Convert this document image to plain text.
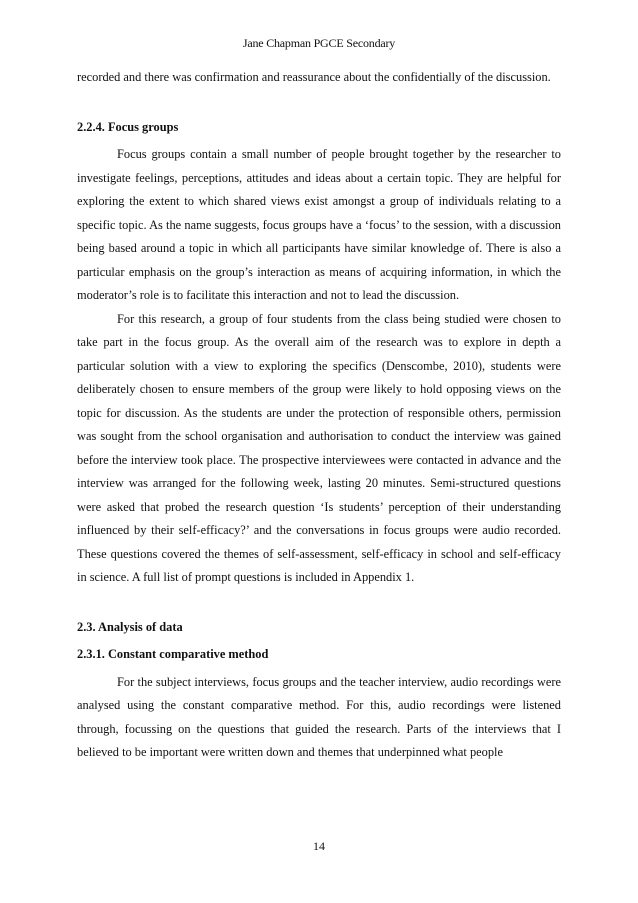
Jane Chapman PGCE Secondary

recorded and there was confirmation and reassurance about the confidentially of the discussion.

2.2.4. Focus groups

Focus groups contain a small number of people brought together by the researcher to investigate feelings, perceptions, attitudes and ideas about a certain topic. They are helpful for exploring the extent to which shared views exist amongst a group of individuals relating to a specific topic. As the name suggests, focus groups have a ‘focus’ to the session, with a discussion being based around a topic in which all participants have similar knowledge of. There is also a particular emphasis on the group’s interaction as means of acquiring information, in which the moderator’s role is to facilitate this interaction and not to lead the discussion.

For this research, a group of four students from the class being studied were chosen to take part in the focus group. As the overall aim of the research was to explore in depth a particular solution with a view to exploring the specifics (Denscombe, 2010), students were deliberately chosen to ensure members of the group were likely to hold opposing views on the topic for discussion. As the students are under the protection of responsible others, permission was sought from the school organisation and authorisation to conduct the interview was gained before the interview took place. The prospective interviewees were contacted in advance and the interview was arranged for the following week, lasting 20 minutes. Semi-structured questions were asked that probed the research question ‘Is students’ perception of their understanding influenced by their self-efficacy?’ and the conversations in focus groups were audio recorded. These questions covered the themes of self-assessment, self-efficacy in school and self-efficacy in science. A full list of prompt questions is included in Appendix 1.

2.3. Analysis of data
2.3.1. Constant comparative method

For the subject interviews, focus groups and the teacher interview, audio recordings were analysed using the constant comparative method. For this, audio recordings were listened through, focussing on the questions that guided the research. Parts of the interviews that I believed to be important were written down and themes that underpinned what people

14
